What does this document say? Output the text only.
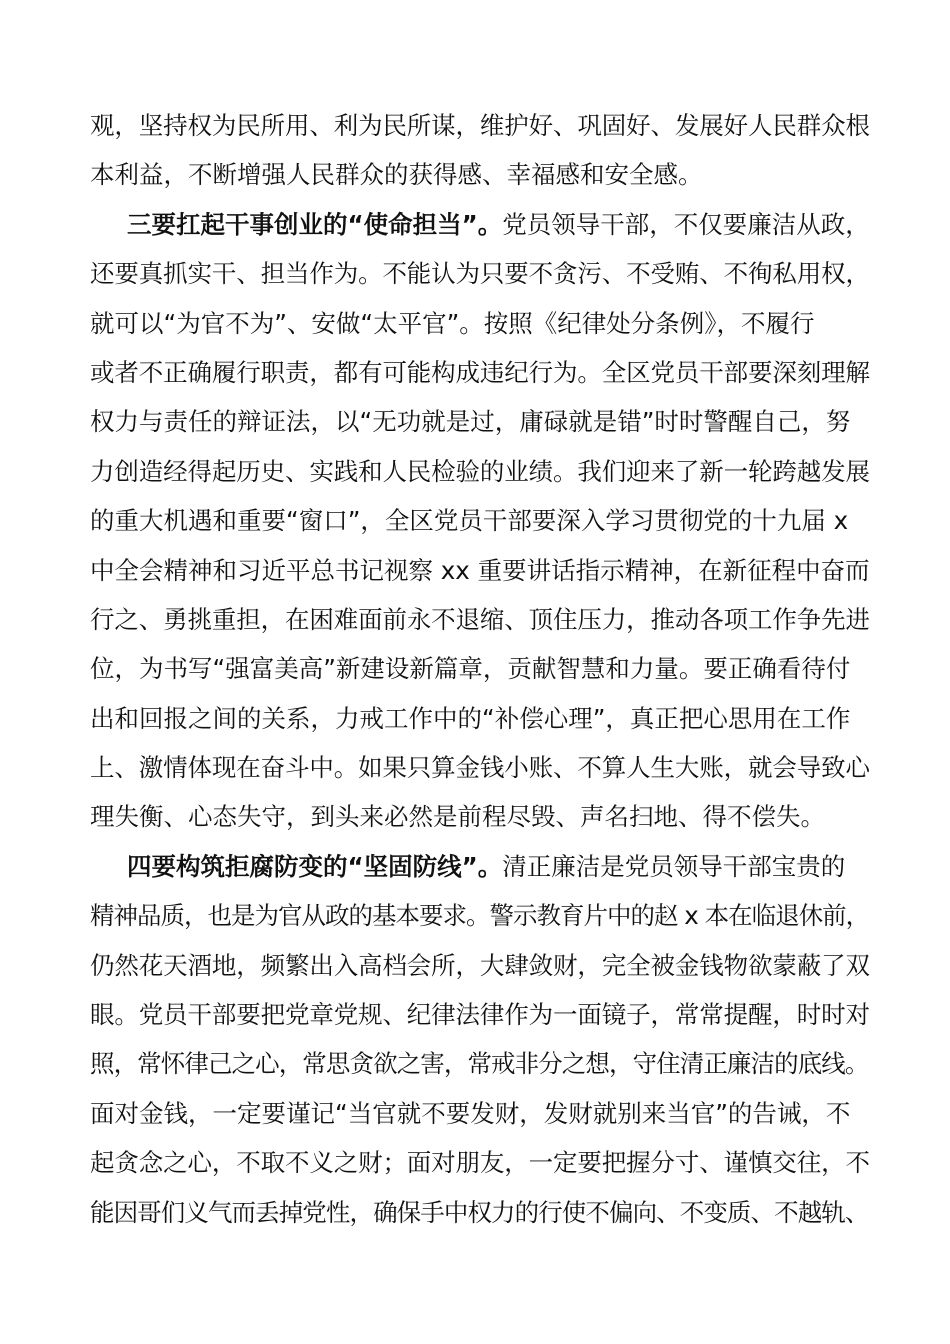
观，坚持权为民所用、利为民所谋，维护好、巩固好、发展好人民群众根
本利益，不断增强人民群众的获得感、幸福感和安全感。
三要扛起干事创业的“使命担当”。党员领导干部，不仅要廉洁从政，
还要真抓实干、担当作为。不能认为只要不贪污、不受贿、不徇私用权，
就可以“为官不为”、安做“太平官”。按照《纪律处分条例》，不履行
或者不正确履行职责，都有可能构成违纪行为。全区党员干部要深刻理解
权力与责任的辩证法，以“无功就是过，庸碌就是错”时时警醒自己，努
力创造经得起历史、实践和人民检验的业绩。我们迎来了新一轮跨越发展
的重大机遇和重要“窗口”，全区党员干部要深入学习贯彻党的十九届 x
中全会精神和习近平总书记视察 xx 重要讲话指示精神，在新征程中奋而
行之、勇挑重担，在困难面前永不退缩、顶住压力，推动各项工作争先进
位，为书写“强富美高”新建设新篇章，贡献智慧和力量。要正确看待付
出和回报之间的关系，力戒工作中的“补偿心理”，真正把心思用在工作
上、激情体现在奋斗中。如果只算金钱小账、不算人生大账，就会导致心
理失衡、心态失守，到头来必然是前程尽毁、声名扫地、得不偿失。
四要构筑拒腐防变的“坚固防线”。清正廉洁是党员领导干部宝贵的
精神品质，也是为官从政的基本要求。警示教育片中的赵 x 本在临退休前，
仍然花天酒地，频繁出入高档会所，大肆敛财，完全被金钱物欲蒙蔽了双
眼。党员干部要把党章党规、纪律法律作为一面镜子，常常提醒，时时对
照，常怀律己之心，常思贪欲之害，常戒非分之想，守住清正廉洁的底线。
面对金钱，一定要谨记“当官就不要发财，发财就别来当官”的告诫，不
起贪念之心，不取不义之财；面对朋友，一定要把握分寸、谨慎交往，不
能因哥们义气而丢掉党性，确保手中权力的行使不偏向、不变质、不越轨、
